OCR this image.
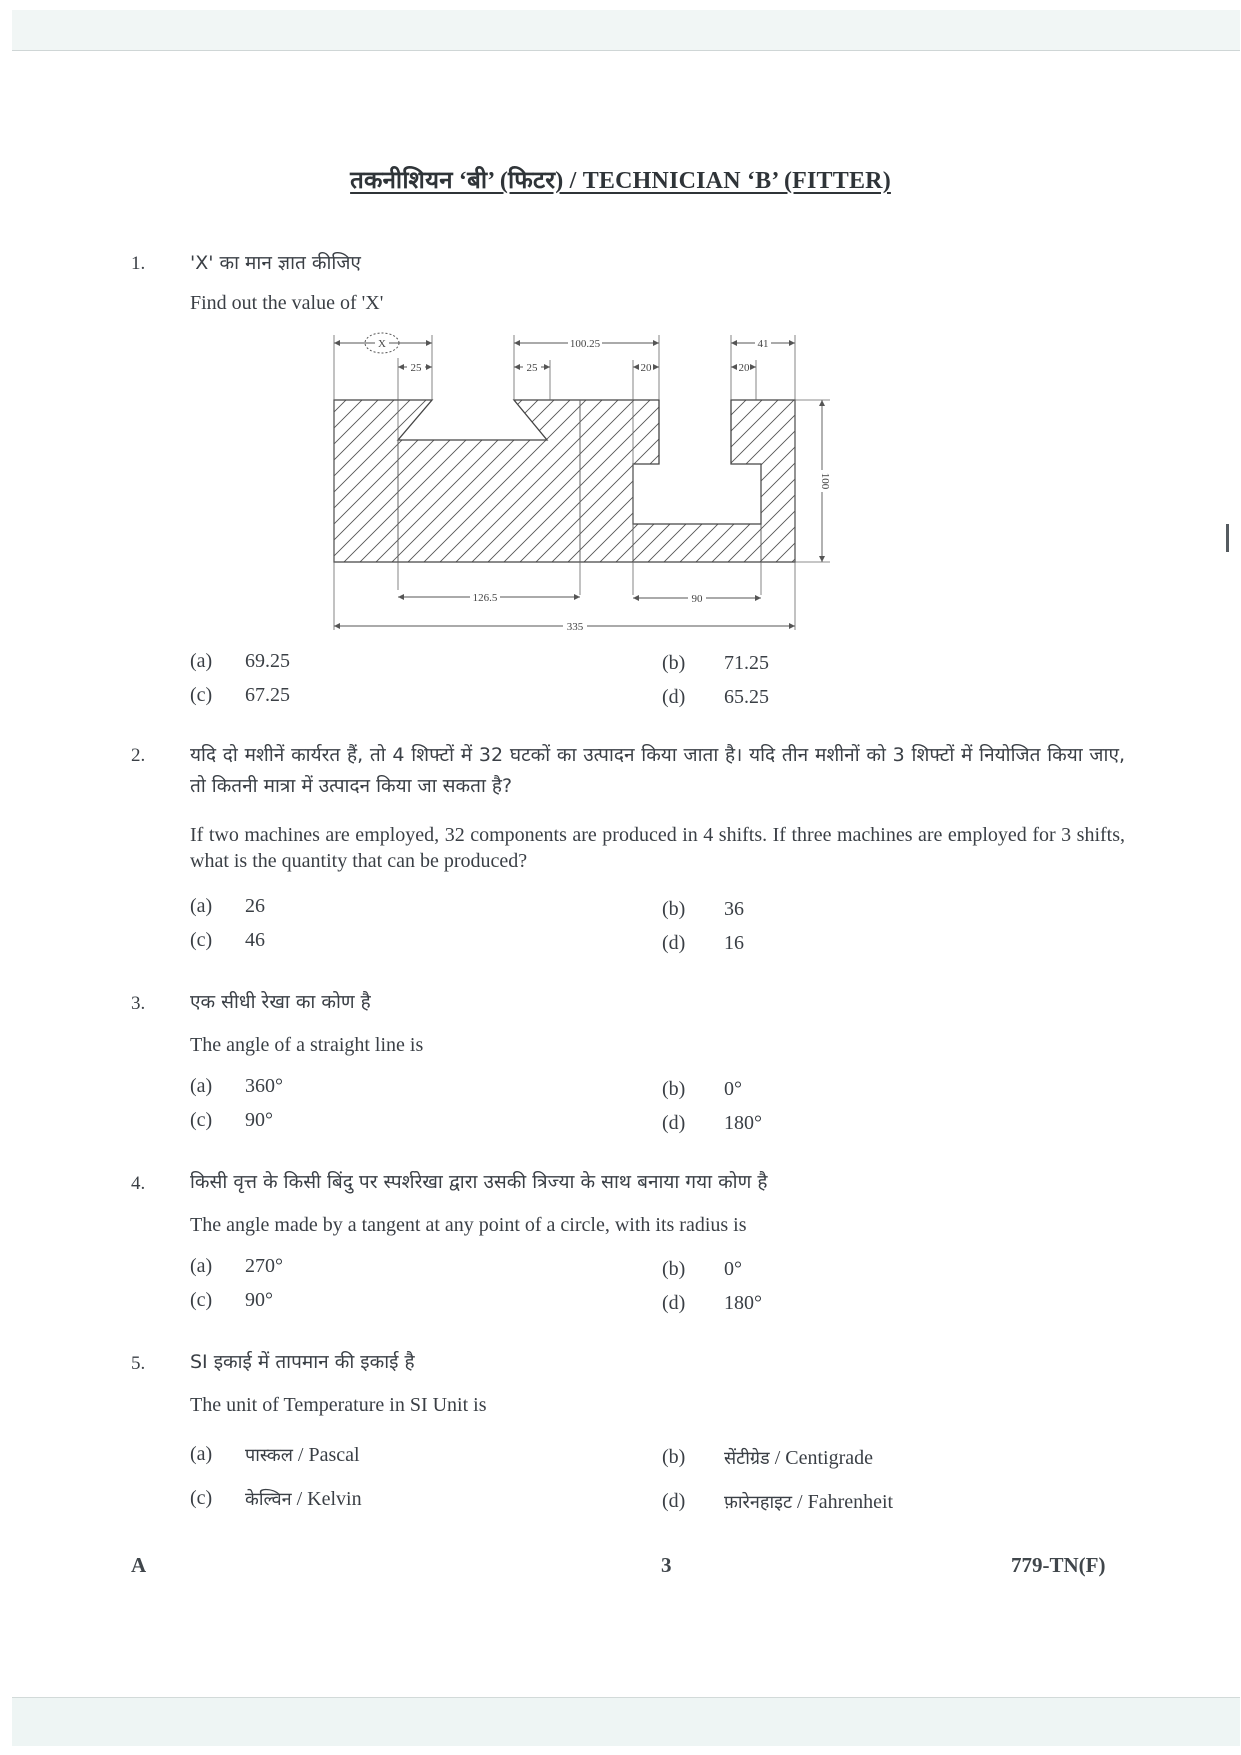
तकनीशियन ‘बी’ (फिटर) / TECHNICIAN ‘B’ (FITTER)
1. 'X' का मान ज्ञात कीजिए
Find out the value of 'X'
X
25
100.25
25	20
41
20
126.5	90
335
100
(a)	69.25	(b)	71.25
(c)	67.25	(d)	65.25
2. यदि दो मशीनें कार्यरत हैं, तो 4 शिफ्टों में 32 घटकों का उत्पादन किया जाता है। यदि तीन मशीनों को 3 शिफ्टों में नियोजित किया जाए, तो कितनी मात्रा में उत्पादन किया जा सकता है?
If two machines are employed, 32 components are produced in 4 shifts. If three machines are employed for 3 shifts, what is the quantity that can be produced?
(a)	26	(b)	36
(c)	46	(d)	16
3. एक सीधी रेखा का कोण है
The angle of a straight line is
(a)	360°	(b)	0°
(c)	90°	(d)	180°
4. किसी वृत्त के किसी बिंदु पर स्पर्शरेखा द्वारा उसकी त्रिज्या के साथ बनाया गया कोण है
The angle made by a tangent at any point of a circle, with its radius is
(a)	270°	(b)	0°
(c)	90°	(d)	180°
5. SI इकाई में तापमान की इकाई है
The unit of Temperature in SI Unit is
(a)	पास्कल / Pascal	(b)	सेंटीग्रेड / Centigrade
(c)	केल्विन / Kelvin	(d)	फ़ारेनहाइट / Fahrenheit
A	3	779-TN(F)
